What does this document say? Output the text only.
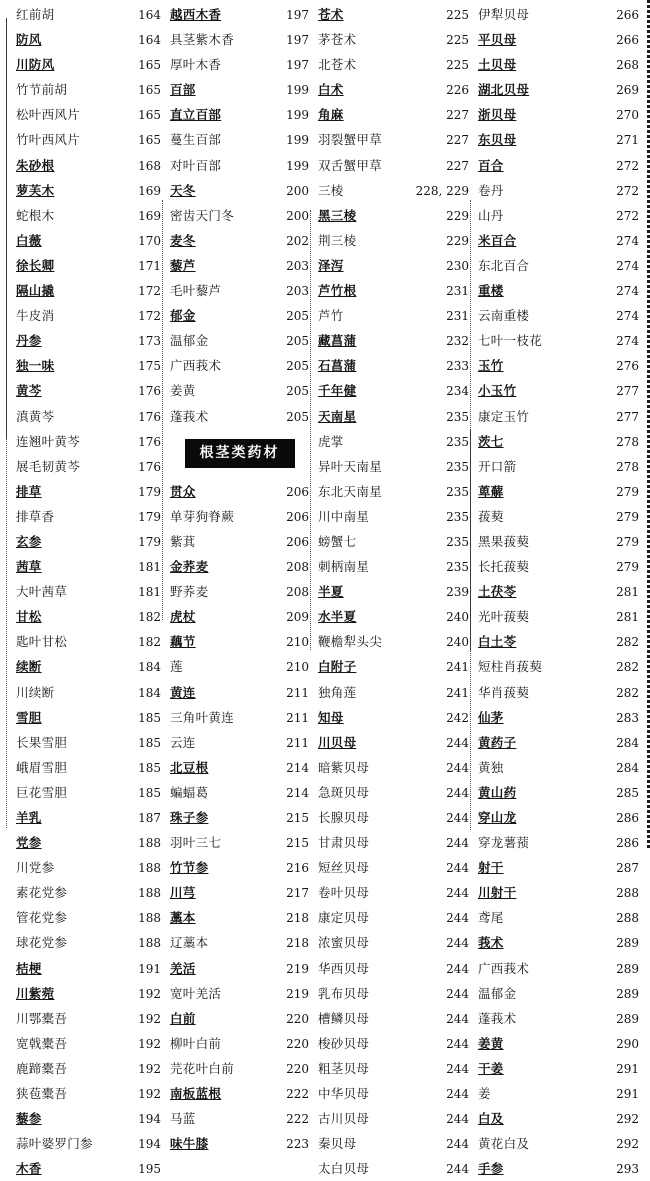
红前胡 ·····	164
防风 ·····	164
川防风 ·····	165
竹节前胡 ·····	165
松叶西风片 ·····	165
竹叶西风片 ·····	165
朱砂根 ·····	168
萝芙木 ·····	169
蛇根木 ·····	169
白薇 ·····	170
徐长卿 ·····	171
隔山撬 ·····	172
牛皮消 ·····	172
丹参 ·····	173
独一味 ·····	175
黄芩 ·····	176
滇黄芩 ·····	176
连翘叶黄芩 ·····	176
展毛韧黄芩 ·····	176
排草 ·····	179
排草香 ·····	179
玄参 ·····	179
茜草 ·····	181
大叶茜草 ·····	181
甘松 ·····	182
匙叶甘松 ·····	182
续断 ·····	184
川续断 ·····	184
雪胆 ·····	185
长果雪胆 ·····	185
峨眉雪胆 ·····	185
巨花雪胆 ·····	185
羊乳 ·····	187
党参 ·····	188
川党参 ·····	188
素花党参 ·····	188
管花党参 ·····	188
球花党参 ·····	188
桔梗 ·····	191
川紫菀 ·····	192
川鄂橐吾 ·····	192
宽戟橐吾 ·····	192
鹿蹄橐吾 ·····	192
狭苞橐吾 ·····	192
藜参 ·····	194
蒜叶婆罗门参 ·····	194
木香 ·····	195
越西木香 ·····	197
具茎紫木香 ·····	197
厚叶木香 ·····	197
百部 ·····	199
直立百部 ·····	199
蔓生百部 ·····	199
对叶百部 ·····	199
天冬 ·····	200
密齿天门冬 ·····	200
麦冬 ·····	202
藜芦 ·····	203
毛叶藜芦 ·····	203
郁金 ·····	205
温郁金 ·····	205
广西莪术 ·····	205
姜黄 ·····	205
蓬莪术 ·····	205
根茎类药材
贯众 ·····	206
单芽狗脊蕨 ·····	206
紫萁 ·····	206
金荞麦 ·····	208
野荞麦 ·····	208
虎杖 ·····	209
藕节 ·····	210
莲 ·····	210
黄连 ·····	211
三角叶黄连 ·····	211
云连 ·····	211
北豆根 ·····	214
蝙蝠葛 ·····	214
珠子参 ·····	215
羽叶三七 ·····	215
竹节参 ·····	216
川芎 ·····	217
藁本 ·····	218
辽藁本 ·····	218
羌活 ·····	219
宽叶羌活 ·····	219
白前 ·····	220
柳叶白前 ·····	220
芫花叶白前 ·····	220
南板蓝根 ·····	222
马蓝 ·····	222
味牛膝 ·····	223
苍术 ·····	225
茅苍术 ·····	225
北苍术 ·····	225
白术 ·····	226
角麻 ·····	227
羽裂蟹甲草 ·····	227
双舌蟹甲草 ·····	227
三棱 ·····	228, 229
黑三棱 ·····	229
荆三棱 ·····	229
泽泻 ·····	230
芦竹根 ·····	231
芦竹 ·····	231
藏菖蒲 ·····	232
石菖蒲 ·····	233
千年健 ·····	234
天南星 ·····	235
虎掌 ·····	235
异叶天南星 ·····	235
东北天南星 ·····	235
川中南星 ·····	235
螃蟹七 ·····	235
刺柄南星 ·····	235
半夏 ·····	239
水半夏 ·····	240
鞭檐犁头尖 ·····	240
白附子 ·····	241
独角莲 ·····	241
知母 ·····	242
川贝母 ·····	244
暗紫贝母 ·····	244
急斑贝母 ·····	244
长腺贝母 ·····	244
甘肃贝母 ·····	244
短丝贝母 ·····	244
卷叶贝母 ·····	244
康定贝母 ·····	244
浓蜜贝母 ·····	244
华西贝母 ·····	244
乳布贝母 ·····	244
槽鳞贝母 ·····	244
梭砂贝母 ·····	244
粗茎贝母 ·····	244
中华贝母 ·····	244
古川贝母 ·····	244
秦贝母 ·····	244
太白贝母 ·····	244
伊犁贝母 ·····	266
平贝母 ·····	266
土贝母 ·····	268
湖北贝母 ·····	269
浙贝母 ·····	270
东贝母 ·····	271
百合 ·····	272
卷丹 ·····	272
山丹 ·····	272
米百合 ·····	274
东北百合 ·····	274
重楼 ·····	274
云南重楼 ·····	274
七叶一枝花 ·····	274
玉竹 ·····	276
小玉竹 ·····	277
康定玉竹 ·····	277
茨七 ·····	278
开口箭 ·····	278
萆薢 ·····	279
菝葜 ·····	279
黑果菝葜 ·····	279
长托菝葜 ·····	279
土茯苓 ·····	281
光叶菝葜 ·····	281
白土苓 ·····	282
短柱肖菝葜 ·····	282
华肖菝葜 ·····	282
仙茅 ·····	283
黄药子 ·····	284
黄独 ·····	284
黄山药 ·····	285
穿山龙 ·····	286
穿龙薯蓣 ·····	286
射干 ·····	287
川射干 ·····	288
鸢尾 ·····	288
莪术 ·····	289
广西莪术 ·····	289
温郁金 ·····	289
蓬莪术 ·····	289
姜黄 ·····	290
干姜 ·····	291
姜 ·····	291
白及 ·····	292
黄花白及 ·····	292
手参 ·····	293
